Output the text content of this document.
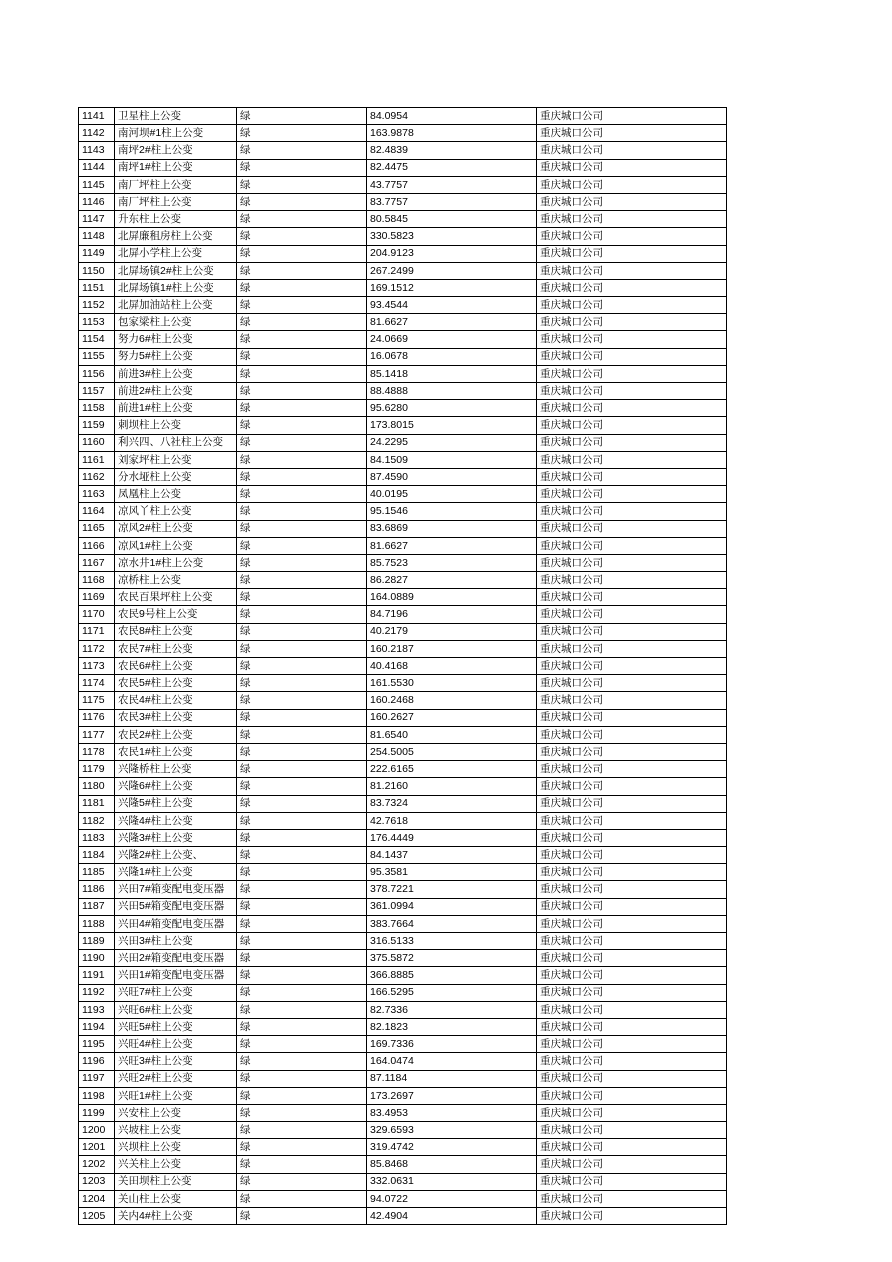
1141	卫星柱上公变	绿	84.0954	重庆城口公司
1142	南河坝#1柱上公变	绿	163.9878	重庆城口公司
1143	南坪2#柱上公变	绿	82.4839	重庆城口公司
1144	南坪1#柱上公变	绿	82.4475	重庆城口公司
1145	南厂坪柱上公变	绿	43.7757	重庆城口公司
1146	南厂坪柱上公变	绿	83.7757	重庆城口公司
1147	升东柱上公变	绿	80.5845	重庆城口公司
1148	北屏廉租房柱上公变	绿	330.5823	重庆城口公司
1149	北屏小学柱上公变	绿	204.9123	重庆城口公司
1150	北屏场镇2#柱上公变	绿	267.2499	重庆城口公司
1151	北屏场镇1#柱上公变	绿	169.1512	重庆城口公司
1152	北屏加油站柱上公变	绿	93.4544	重庆城口公司
1153	包家梁柱上公变	绿	81.6627	重庆城口公司
1154	努力6#柱上公变	绿	24.0669	重庆城口公司
1155	努力5#柱上公变	绿	16.0678	重庆城口公司
1156	前进3#柱上公变	绿	85.1418	重庆城口公司
1157	前进2#柱上公变	绿	88.4888	重庆城口公司
1158	前进1#柱上公变	绿	95.6280	重庆城口公司
1159	刺坝柱上公变	绿	173.8015	重庆城口公司
1160	利兴四、八社柱上公变	绿	24.2295	重庆城口公司
1161	刘家坪柱上公变	绿	84.1509	重庆城口公司
1162	分水垭柱上公变	绿	87.4590	重庆城口公司
1163	凤凰柱上公变	绿	40.0195	重庆城口公司
1164	凉风丫柱上公变	绿	95.1546	重庆城口公司
1165	凉风2#柱上公变	绿	83.6869	重庆城口公司
1166	凉风1#柱上公变	绿	81.6627	重庆城口公司
1167	凉水井1#柱上公变	绿	85.7523	重庆城口公司
1168	凉桥柱上公变	绿	86.2827	重庆城口公司
1169	农民百果坪柱上公变	绿	164.0889	重庆城口公司
1170	农民9号柱上公变	绿	84.7196	重庆城口公司
1171	农民8#柱上公变	绿	40.2179	重庆城口公司
1172	农民7#柱上公变	绿	160.2187	重庆城口公司
1173	农民6#柱上公变	绿	40.4168	重庆城口公司
1174	农民5#柱上公变	绿	161.5530	重庆城口公司
1175	农民4#柱上公变	绿	160.2468	重庆城口公司
1176	农民3#柱上公变	绿	160.2627	重庆城口公司
1177	农民2#柱上公变	绿	81.6540	重庆城口公司
1178	农民1#柱上公变	绿	254.5005	重庆城口公司
1179	兴隆桥柱上公变	绿	222.6165	重庆城口公司
1180	兴隆6#柱上公变	绿	81.2160	重庆城口公司
1181	兴隆5#柱上公变	绿	83.7324	重庆城口公司
1182	兴隆4#柱上公变	绿	42.7618	重庆城口公司
1183	兴隆3#柱上公变	绿	176.4449	重庆城口公司
1184	兴隆2#柱上公变、	绿	84.1437	重庆城口公司
1185	兴隆1#柱上公变	绿	95.3581	重庆城口公司
1186	兴田7#箱变配电变压器	绿	378.7221	重庆城口公司
1187	兴田5#箱变配电变压器	绿	361.0994	重庆城口公司
1188	兴田4#箱变配电变压器	绿	383.7664	重庆城口公司
1189	兴田3#柱上公变	绿	316.5133	重庆城口公司
1190	兴田2#箱变配电变压器	绿	375.5872	重庆城口公司
1191	兴田1#箱变配电变压器	绿	366.8885	重庆城口公司
1192	兴旺7#柱上公变	绿	166.5295	重庆城口公司
1193	兴旺6#柱上公变	绿	82.7336	重庆城口公司
1194	兴旺5#柱上公变	绿	82.1823	重庆城口公司
1195	兴旺4#柱上公变	绿	169.7336	重庆城口公司
1196	兴旺3#柱上公变	绿	164.0474	重庆城口公司
1197	兴旺2#柱上公变	绿	87.1184	重庆城口公司
1198	兴旺1#柱上公变	绿	173.2697	重庆城口公司
1199	兴安柱上公变	绿	83.4953	重庆城口公司
1200	兴坡柱上公变	绿	329.6593	重庆城口公司
1201	兴坝柱上公变	绿	319.4742	重庆城口公司
1202	兴关柱上公变	绿	85.8468	重庆城口公司
1203	关田坝柱上公变	绿	332.0631	重庆城口公司
1204	关山柱上公变	绿	94.0722	重庆城口公司
1205	关内4#柱上公变	绿	42.4904	重庆城口公司
